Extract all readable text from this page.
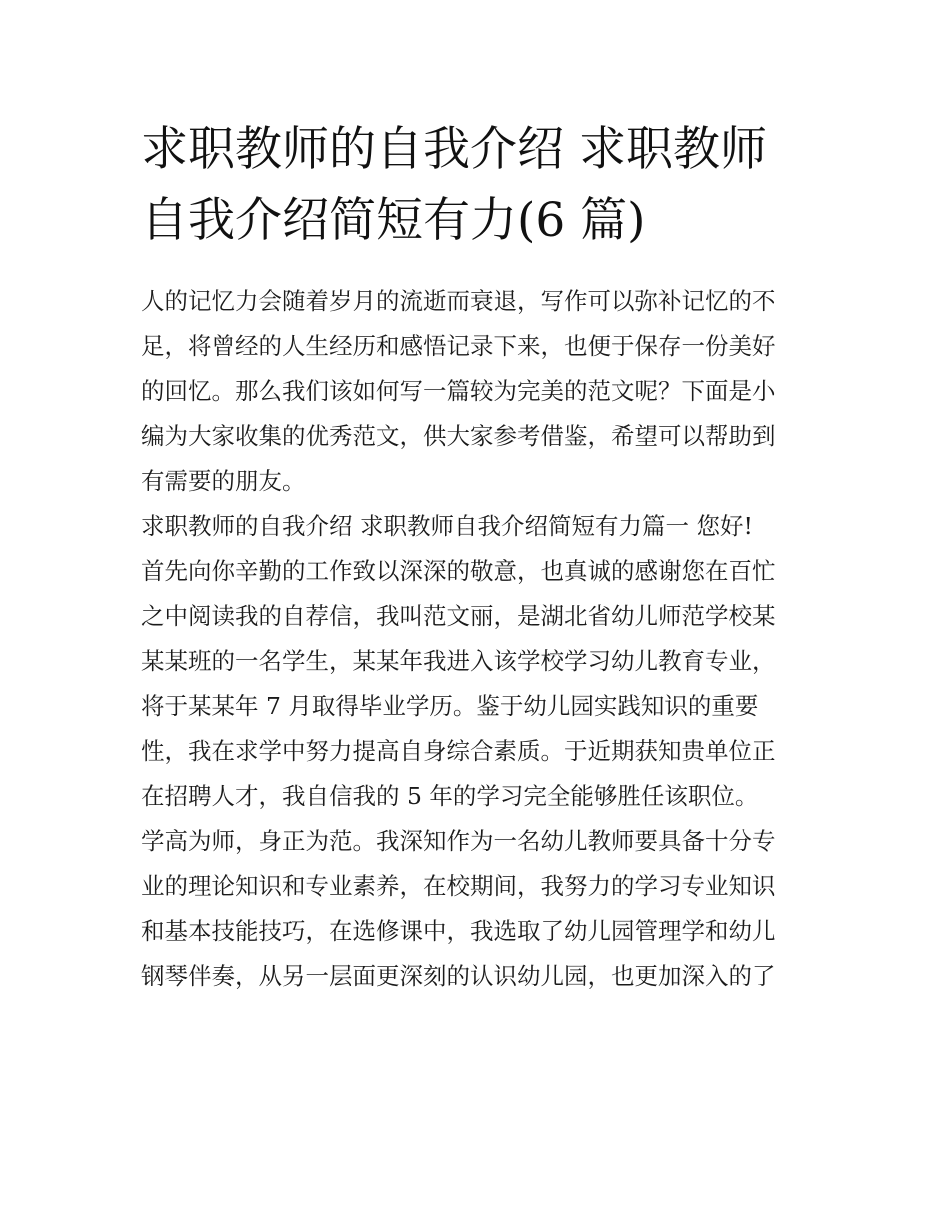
求职教师的自我介绍 求职教师
自我介绍简短有力(6 篇)
人的记忆力会随着岁月的流逝而衰退，写作可以弥补记忆的不
足，将曾经的人生经历和感悟记录下来，也便于保存一份美好
的回忆。那么我们该如何写一篇较为完美的范文呢？下面是小
编为大家收集的优秀范文，供大家参考借鉴，希望可以帮助到
有需要的朋友。
求职教师的自我介绍 求职教师自我介绍简短有力篇一 您好!
首先向你辛勤的工作致以深深的敬意，也真诚的感谢您在百忙
之中阅读我的自荐信，我叫范文丽，是湖北省幼儿师范学校某
某某班的一名学生，某某年我进入该学校学习幼儿教育专业，
将于某某年 7 月取得毕业学历。鉴于幼儿园实践知识的重要
性，我在求学中努力提高自身综合素质。于近期获知贵单位正
在招聘人才，我自信我的 5 年的学习完全能够胜任该职位。
学高为师，身正为范。我深知作为一名幼儿教师要具备十分专
业的理论知识和专业素养，在校期间，我努力的学习专业知识
和基本技能技巧，在选修课中，我选取了幼儿园管理学和幼儿
钢琴伴奏，从另一层面更深刻的认识幼儿园，也更加深入的了
